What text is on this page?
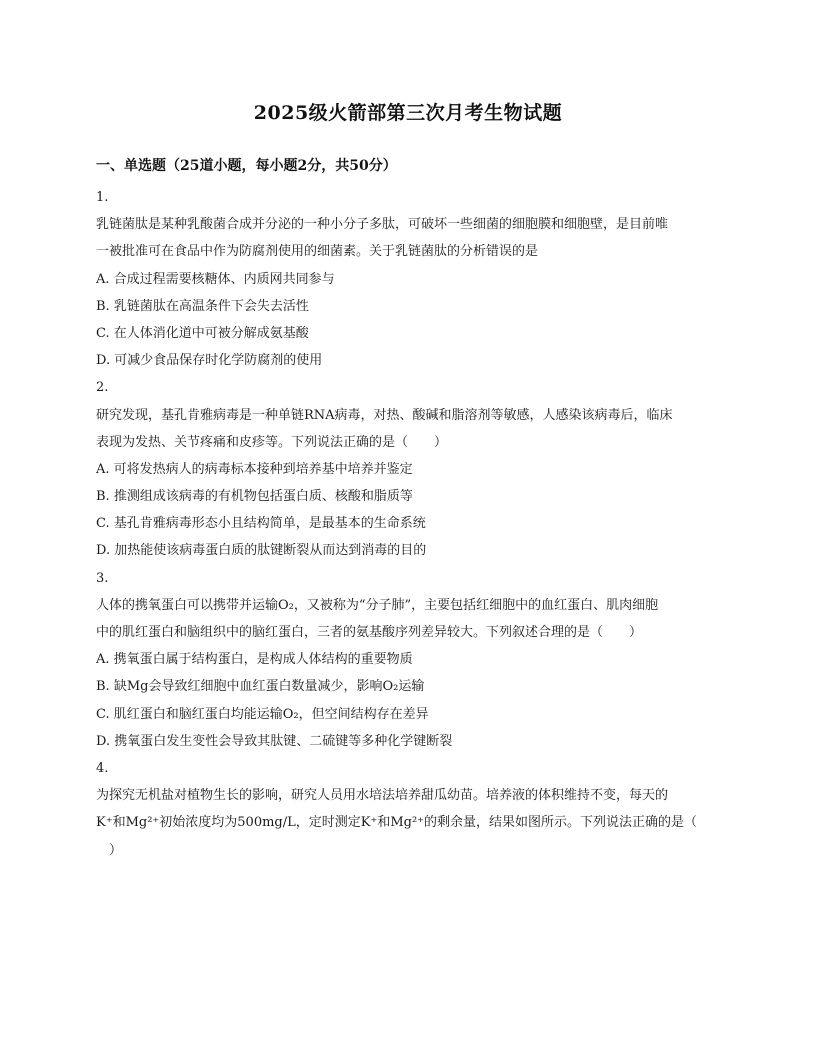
2025级火箭部第三次月考生物试题
一、单选题（25道小题，每小题2分，共50分）
1.
乳链菌肽是某种乳酸菌合成并分泌的一种小分子多肽，可破坏一些细菌的细胞膜和细胞壁，是目前唯
一被批准可在食品中作为防腐剂使用的细菌素。关于乳链菌肽的分析错误的是
A. 合成过程需要核糖体、内质网共同参与
B. 乳链菌肽在高温条件下会失去活性
C. 在人体消化道中可被分解成氨基酸
D. 可减少食品保存时化学防腐剂的使用
2.
研究发现，基孔肯雅病毒是一种单链RNA病毒，对热、酸碱和脂溶剂等敏感，人感染该病毒后，临床
表现为发热、关节疼痛和皮疹等。下列说法正确的是（　　）
A. 可将发热病人的病毒标本接种到培养基中培养并鉴定
B. 推测组成该病毒的有机物包括蛋白质、核酸和脂质等
C. 基孔肯雅病毒形态小且结构简单，是最基本的生命系统
D. 加热能使该病毒蛋白质的肽键断裂从而达到消毒的目的
3.
人体的携氧蛋白可以携带并运输O₂，又被称为“分子肺”，主要包括红细胞中的血红蛋白、肌肉细胞
中的肌红蛋白和脑组织中的脑红蛋白，三者的氨基酸序列差异较大。下列叙述合理的是（　　）
A. 携氧蛋白属于结构蛋白，是构成人体结构的重要物质
B. 缺Mg会导致红细胞中血红蛋白数量减少，影响O₂运输
C. 肌红蛋白和脑红蛋白均能运输O₂，但空间结构存在差异
D. 携氧蛋白发生变性会导致其肽键、二硫键等多种化学键断裂
4.
为探究无机盐对植物生长的影响，研究人员用水培法培养甜瓜幼苗。培养液的体积维持不变，每天的
K⁺和Mg²⁺初始浓度均为500mg/L，定时测定K⁺和Mg²⁺的剩余量，结果如图所示。下列说法正确的是（
　）
